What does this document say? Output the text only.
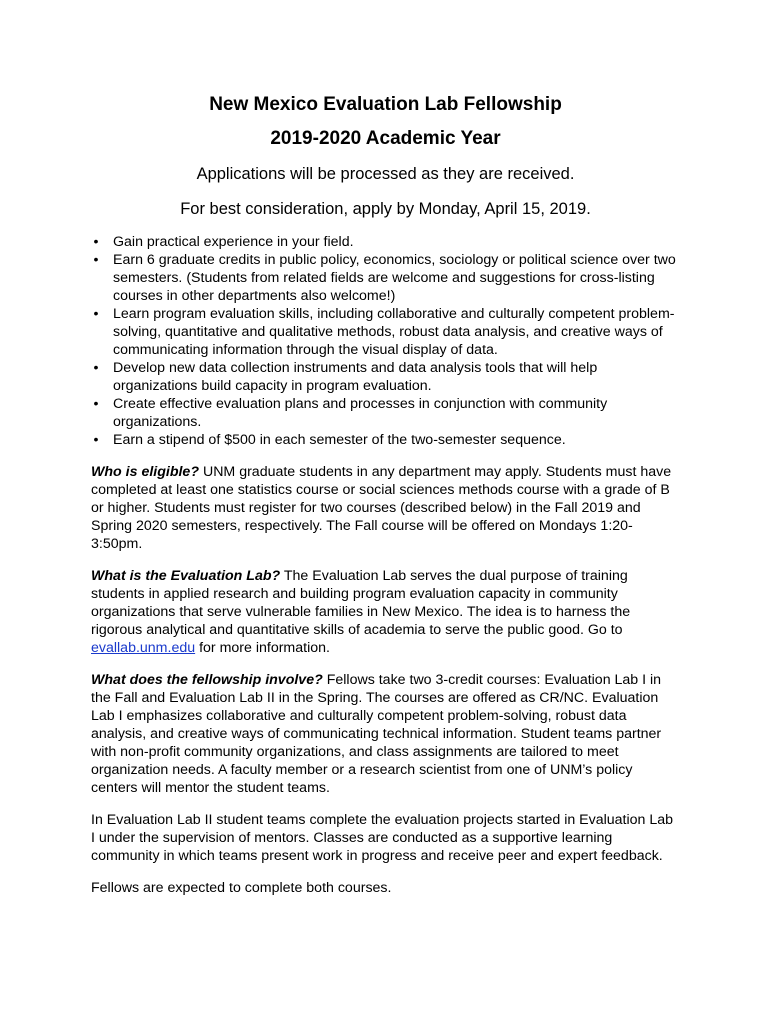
New Mexico Evaluation Lab Fellowship
2019-2020 Academic Year

Applications will be processed as they are received.

For best consideration, apply by Monday, April 15, 2019.

• Gain practical experience in your field.
• Earn 6 graduate credits in public policy, economics, sociology or political science over two semesters. (Students from related fields are welcome and suggestions for cross-listing courses in other departments also welcome!)
• Learn program evaluation skills, including collaborative and culturally competent problem-solving, quantitative and qualitative methods, robust data analysis, and creative ways of communicating information through the visual display of data.
• Develop new data collection instruments and data analysis tools that will help organizations build capacity in program evaluation.
• Create effective evaluation plans and processes in conjunction with community organizations.
• Earn a stipend of $500 in each semester of the two-semester sequence.

Who is eligible? UNM graduate students in any department may apply. Students must have completed at least one statistics course or social sciences methods course with a grade of B or higher. Students must register for two courses (described below) in the Fall 2019 and Spring 2020 semesters, respectively. The Fall course will be offered on Mondays 1:20-3:50pm.

What is the Evaluation Lab? The Evaluation Lab serves the dual purpose of training students in applied research and building program evaluation capacity in community organizations that serve vulnerable families in New Mexico. The idea is to harness the rigorous analytical and quantitative skills of academia to serve the public good. Go to evallab.unm.edu for more information.

What does the fellowship involve? Fellows take two 3-credit courses: Evaluation Lab I in the Fall and Evaluation Lab II in the Spring. The courses are offered as CR/NC. Evaluation Lab I emphasizes collaborative and culturally competent problem-solving, robust data analysis, and creative ways of communicating technical information. Student teams partner with non-profit community organizations, and class assignments are tailored to meet organization needs. A faculty member or a research scientist from one of UNM’s policy centers will mentor the student teams.

In Evaluation Lab II student teams complete the evaluation projects started in Evaluation Lab I under the supervision of mentors. Classes are conducted as a supportive learning community in which teams present work in progress and receive peer and expert feedback.

Fellows are expected to complete both courses.
